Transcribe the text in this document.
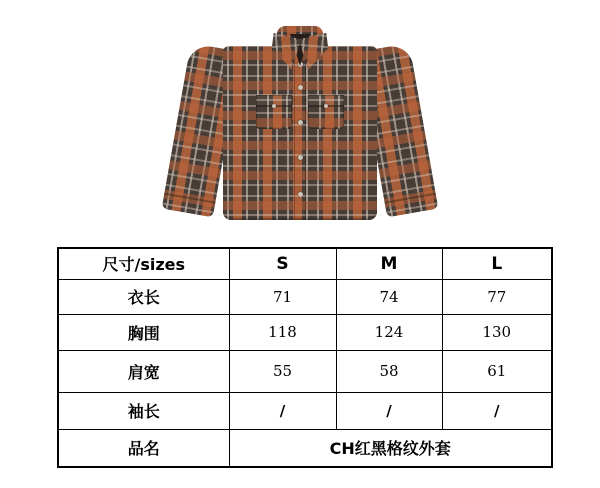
尺寸/sizes	S	M	L
衣长	71	74	77
胸围	118	124	130
肩宽	55	58	61
袖长	/	/	/
品名	CH红黑格纹外套		
